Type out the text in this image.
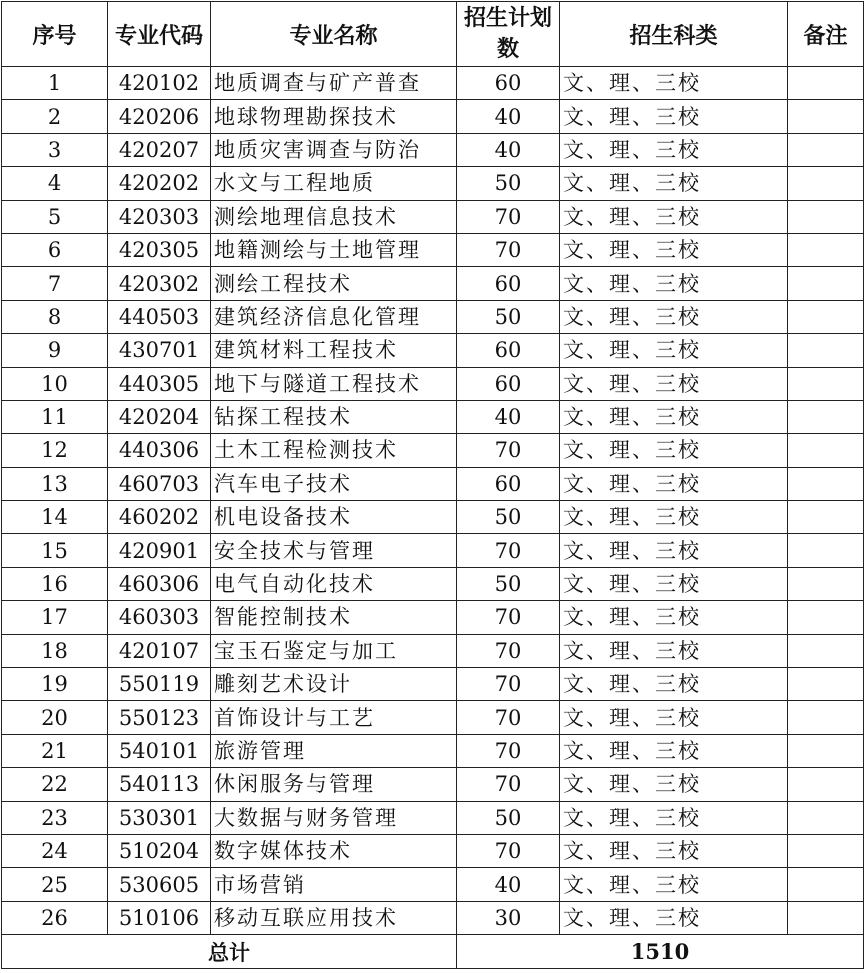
序号	专业代码	专业名称	招生计划数	招生科类	备注
1	420102	地质调查与矿产普查	60	文、理、三校	
2	420206	地球物理勘探技术	40	文、理、三校	
3	420207	地质灾害调查与防治	40	文、理、三校	
4	420202	水文与工程地质	50	文、理、三校	
5	420303	测绘地理信息技术	70	文、理、三校	
6	420305	地籍测绘与土地管理	70	文、理、三校	
7	420302	测绘工程技术	60	文、理、三校	
8	440503	建筑经济信息化管理	50	文、理、三校	
9	430701	建筑材料工程技术	60	文、理、三校	
10	440305	地下与隧道工程技术	60	文、理、三校	
11	420204	钻探工程技术	40	文、理、三校	
12	440306	土木工程检测技术	70	文、理、三校	
13	460703	汽车电子技术	60	文、理、三校	
14	460202	机电设备技术	50	文、理、三校	
15	420901	安全技术与管理	70	文、理、三校	
16	460306	电气自动化技术	50	文、理、三校	
17	460303	智能控制技术	70	文、理、三校	
18	420107	宝玉石鉴定与加工	70	文、理、三校	
19	550119	雕刻艺术设计	70	文、理、三校	
20	550123	首饰设计与工艺	70	文、理、三校	
21	540101	旅游管理	70	文、理、三校	
22	540113	休闲服务与管理	70	文、理、三校	
23	530301	大数据与财务管理	50	文、理、三校	
24	510204	数字媒体技术	70	文、理、三校	
25	530605	市场营销	40	文、理、三校	
26	510106	移动互联应用技术	30	文、理、三校	
总计			1510		
